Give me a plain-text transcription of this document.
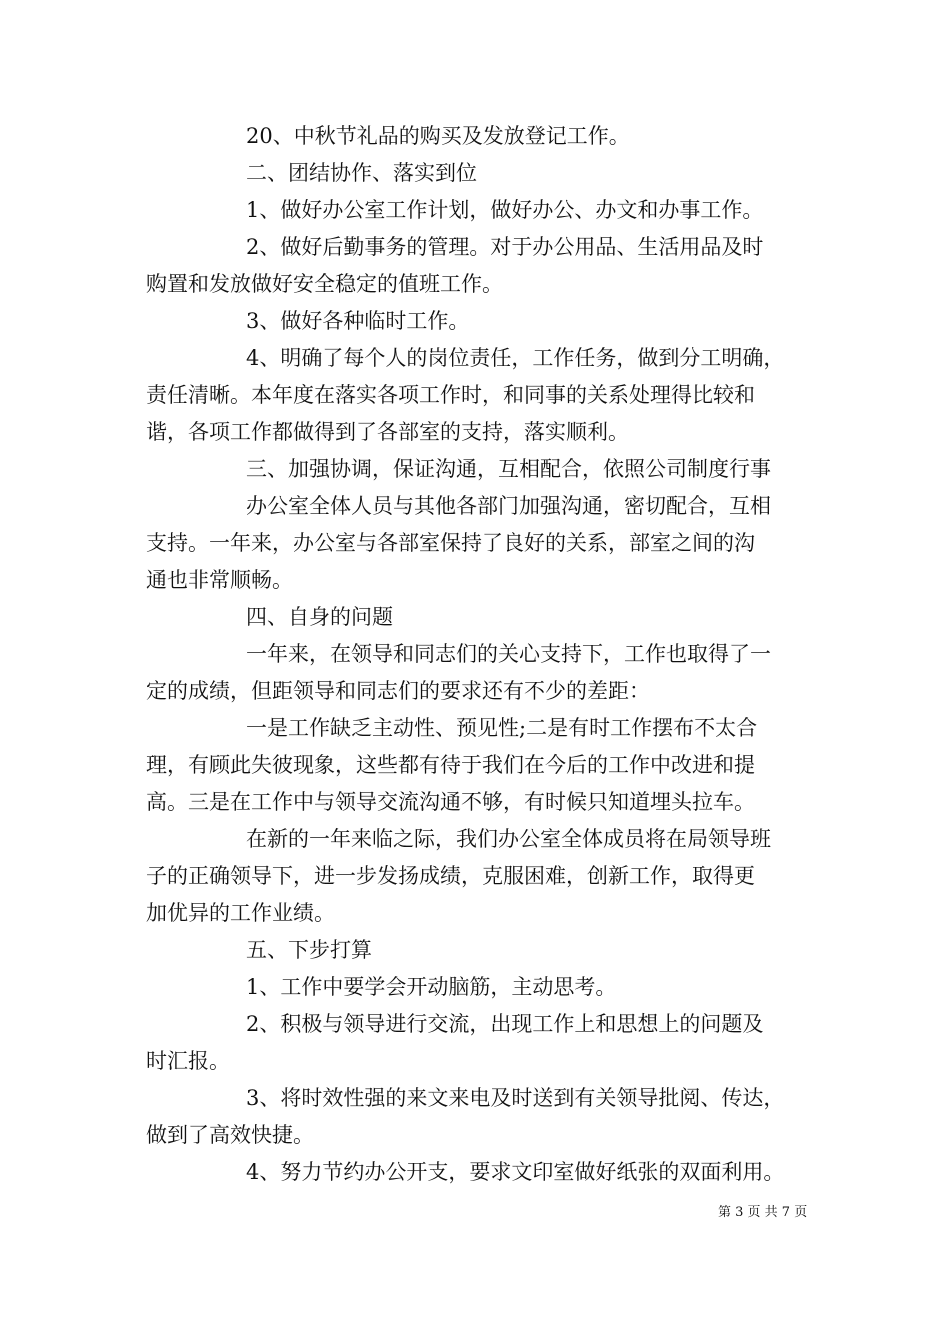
20、中秋节礼品的购买及发放登记工作。
二、团结协作、落实到位
1、做好办公室工作计划，做好办公、办文和办事工作。
2、做好后勤事务的管理。对于办公用品、生活用品及时
购置和发放做好安全稳定的值班工作。
3、做好各种临时工作。
4、明确了每个人的岗位责任，工作任务，做到分工明确，
责任清晰。本年度在落实各项工作时，和同事的关系处理得比较和
谐，各项工作都做得到了各部室的支持，落实顺利。
三、加强协调，保证沟通，互相配合，依照公司制度行事
办公室全体人员与其他各部门加强沟通，密切配合，互相
支持。一年来，办公室与各部室保持了良好的关系，部室之间的沟
通也非常顺畅。
四、自身的问题
一年来，在领导和同志们的关心支持下，工作也取得了一
定的成绩，但距领导和同志们的要求还有不少的差距：
一是工作缺乏主动性、预见性;二是有时工作摆布不太合
理，有顾此失彼现象，这些都有待于我们在今后的工作中改进和提
高。三是在工作中与领导交流沟通不够，有时候只知道埋头拉车。
在新的一年来临之际，我们办公室全体成员将在局领导班
子的正确领导下，进一步发扬成绩，克服困难，创新工作，取得更
加优异的工作业绩。
五、下步打算
1、工作中要学会开动脑筋，主动思考。
2、积极与领导进行交流，出现工作上和思想上的问题及
时汇报。
3、将时效性强的来文来电及时送到有关领导批阅、传达，
做到了高效快捷。
4、努力节约办公开支，要求文印室做好纸张的双面利用。
第 3 页 共 7 页
